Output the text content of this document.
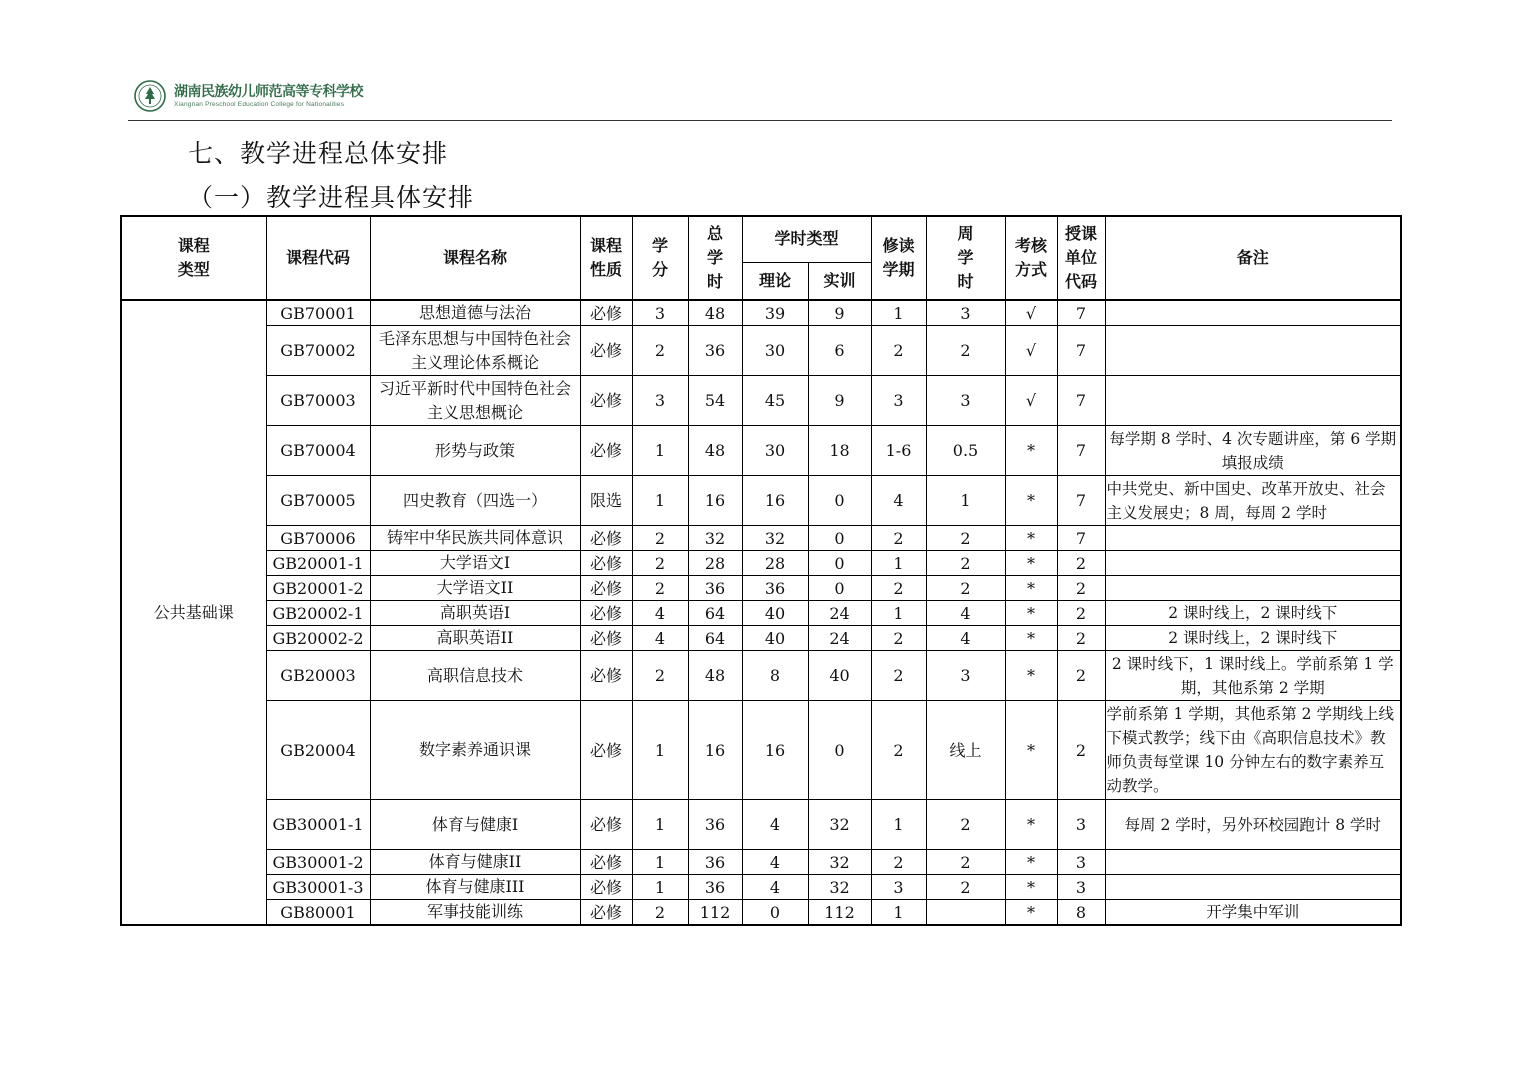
湖南民族幼儿师范高等专科学校
Xiangnan Preschool Education College for Nationalities
七、教学进程总体安排
（一）教学进程具体安排
课程类型	课程代码	课程名称	课程性质	学分	总学时	学时类型		修读学期	周学时	考核方式	授课单位代码	备注
						理论	实训					
公共基础课	GB70001	思想道德与法治	必修	3	48	39	9	1	3	√	7	
	GB70002	毛泽东思想与中国特色社会主义理论体系概论	必修	2	36	30	6	2	2	√	7	
	GB70003	习近平新时代中国特色社会主义思想概论	必修	3	54	45	9	3	3	√	7	
	GB70004	形势与政策	必修	1	48	30	18	1-6	0.5	*	7	每学期 8 学时、4 次专题讲座，第 6 学期填报成绩
	GB70005	四史教育（四选一）	限选	1	16	16	0	4	1	*	7	中共党史、新中国史、改革开放史、社会主义发展史；8 周，每周 2 学时
	GB70006	铸牢中华民族共同体意识	必修	2	32	32	0	2	2	*	7	
	GB20001-1	大学语文I	必修	2	28	28	0	1	2	*	2	
	GB20001-2	大学语文II	必修	2	36	36	0	2	2	*	2	
	GB20002-1	高职英语I	必修	4	64	40	24	1	4	*	2	2 课时线上，2 课时线下
	GB20002-2	高职英语II	必修	4	64	40	24	2	4	*	2	2 课时线上，2 课时线下
	GB20003	高职信息技术	必修	2	48	8	40	2	3	*	2	2 课时线下，1 课时线上。学前系第 1 学期，其他系第 2 学期
	GB20004	数字素养通识课	必修	1	16	16	0	2	线上	*	2	学前系第 1 学期，其他系第 2 学期线上线下模式教学；线下由《高职信息技术》教师负责每堂课 10 分钟左右的数字素养互动教学。
	GB30001-1	体育与健康I	必修	1	36	4	32	1	2	*	3	每周 2 学时，另外环校园跑计 8 学时
	GB30001-2	体育与健康II	必修	1	36	4	32	2	2	*	3	
	GB30001-3	体育与健康III	必修	1	36	4	32	3	2	*	3	
	GB80001	军事技能训练	必修	2	112	0	112	1		*	8	开学集中军训
